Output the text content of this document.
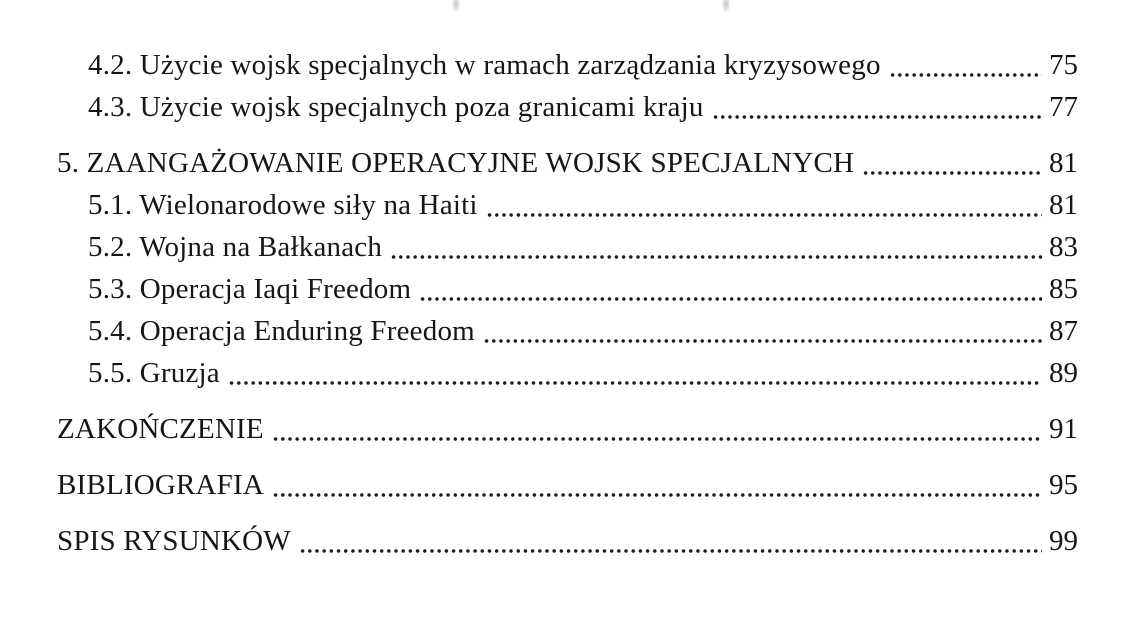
4.2. Użycie wojsk specjalnych w ramach zarządzania kryzysowego	75
4.3. Użycie wojsk specjalnych poza granicami kraju	77
5. ZAANGAŻOWANIE OPERACYJNE WOJSK SPECJALNYCH	81
5.1. Wielonarodowe siły na Haiti	81
5.2. Wojna na Bałkanach	83
5.3. Operacja Iaqi Freedom	85
5.4. Operacja Enduring Freedom	87
5.5. Gruzja	89
ZAKOŃCZENIE	91
BIBLIOGRAFIA	95
SPIS RYSUNKÓW	99
